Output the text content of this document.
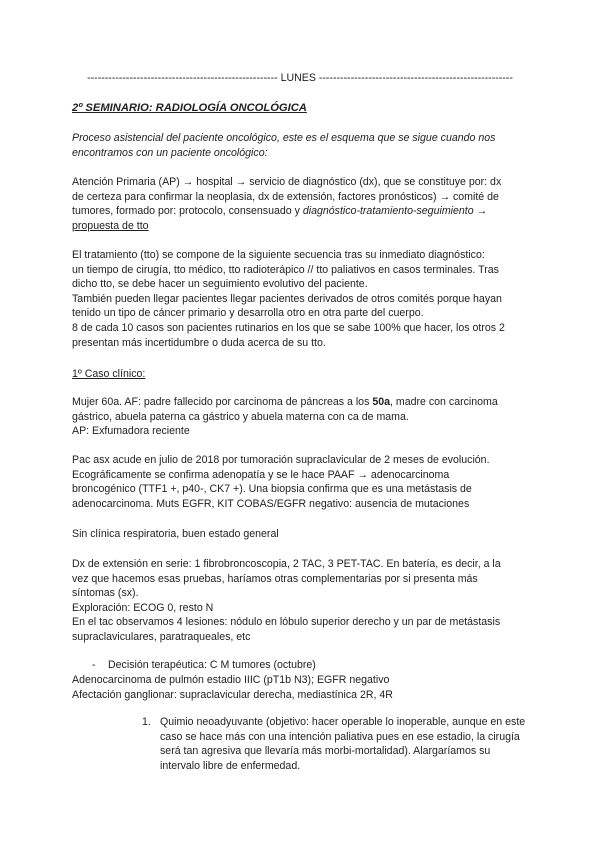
------------------------------------------------------ LUNES -------------------------------------------------------
2º SEMINARIO: RADIOLOGÍA ONCOLÓGICA

Proceso asistencial del paciente oncológico, este es el esquema que se sigue cuando nos

encontramos con un paciente oncológico:

Atención Primaria (AP) → hospital → servicio de diagnóstico (dx), que se constituye por: dx

de certeza para confirmar la neoplasia, dx de extensión, factores pronósticos) → comité de

tumores, formado por: protocolo, consensuado y diagnóstico-tratamiento-seguimiento →

propuesta de tto

El tratamiento (tto) se compone de la siguiente secuencia tras su inmediato diagnóstico:

un tiempo de cirugía, tto médico, tto radioterápico // tto paliativos en casos terminales. Tras

dicho tto, se debe hacer un seguimiento evolutivo del paciente.

También pueden llegar pacientes llegar pacientes derivados de otros comités porque hayan

tenido un tipo de cáncer primario y desarrolla otro en otra parte del cuerpo.

8 de cada 10 casos son pacientes rutinarios en los que se sabe 100% que hacer, los otros 2

presentan más incertidumbre o duda acerca de su tto.

1º Caso clínico:

Mujer 60a. AF: padre fallecido por carcinoma de páncreas a los 50a, madre con carcinoma

gástrico, abuela paterna ca gástrico y abuela materna con ca de mama.

AP: Exfumadora reciente

Pac asx acude en julio de 2018 por tumoración supraclavicular de 2 meses de evolución.

Ecográficamente se confirma adenopatía y se le hace PAAF → adenocarcinoma

broncogénico (TTF1 +, p40-, CK7 +). Una biopsia confirma que es una metástasis de

adenocarcinoma. Muts EGFR, KIT COBAS/EGFR negativo: ausencia de mutaciones

Sin clínica respiratoria, buen estado general

Dx de extensión en serie: 1 fibrobroncoscopia, 2 TAC, 3 PET-TAC. En batería, es decir, a la

vez que hacemos esas pruebas, haríamos otras complementarias por si presenta más

síntomas (sx).

Exploración: ECOG 0, resto N

En el tac observamos 4 lesiones: nódulo en lóbulo superior derecho y un par de metástasis

supraclaviculares, paratraqueales, etc

- Decisión terapéutica: C M tumores (octubre)

Adenocarcinoma de pulmón estadio IIIC (pT1b N3); EGFR negativo

Afectación ganglionar: supraclavicular derecha, mediastínica 2R, 4R

1. Quimio neoadyuvante (objetivo: hacer operable lo inoperable, aunque en este

caso se hace más con una intención paliativa pues en ese estadio, la cirugía

será tan agresiva que llevaría más morbi-mortalidad). Alargaríamos su

intervalo libre de enfermedad.
